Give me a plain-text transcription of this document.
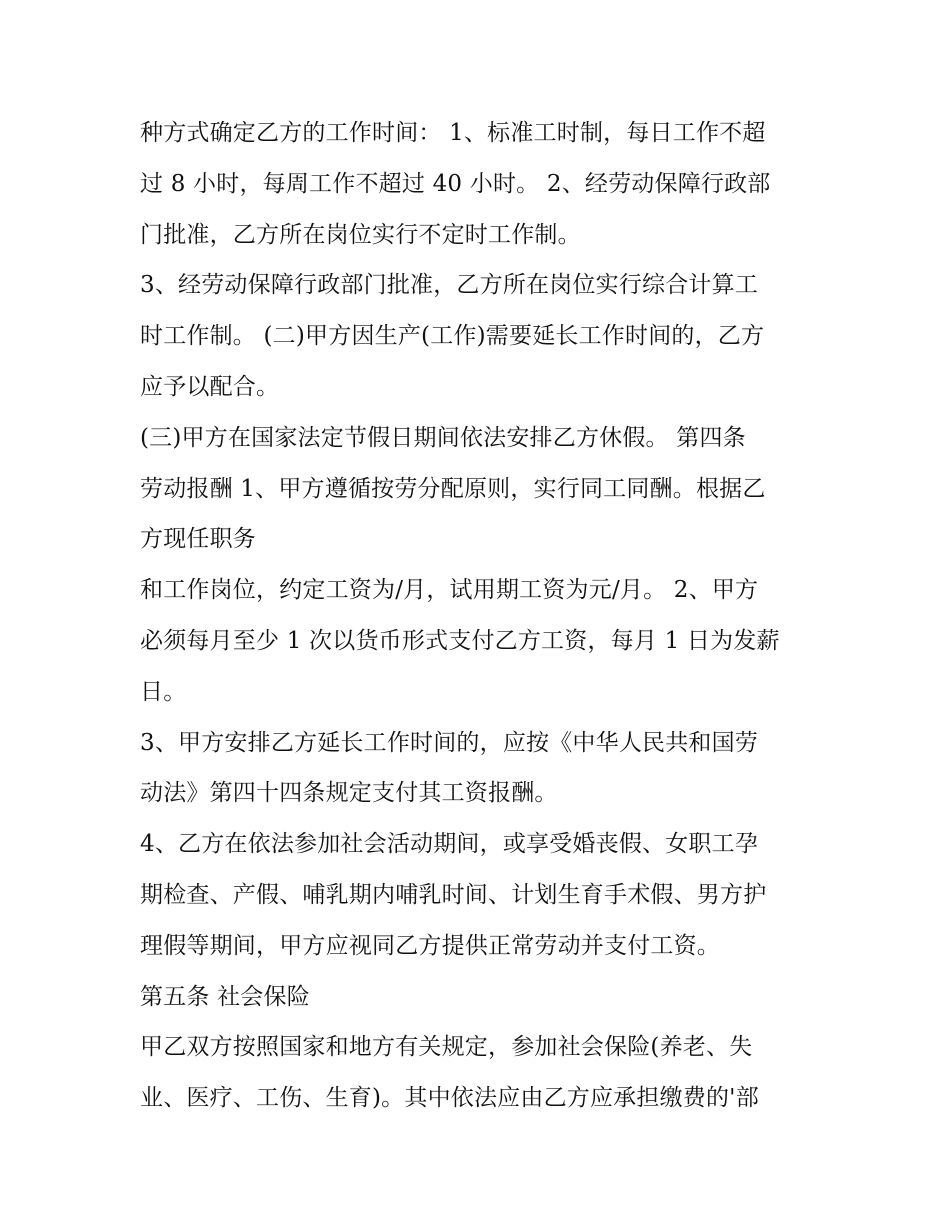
种方式确定乙方的工作时间： 1、标准工时制，每日工作不超
过 8 小时，每周工作不超过 40 小时。 2、经劳动保障行政部
门批准，乙方所在岗位实行不定时工作制。
3、经劳动保障行政部门批准，乙方所在岗位实行综合计算工
时工作制。 (二)甲方因生产(工作)需要延长工作时间的，乙方
应予以配合。
(三)甲方在国家法定节假日期间依法安排乙方休假。 第四条
劳动报酬 1、甲方遵循按劳分配原则，实行同工同酬。根据乙
方现任职务
和工作岗位，约定工资为/月，试用期工资为元/月。 2、甲方
必须每月至少 1 次以货币形式支付乙方工资，每月 1 日为发薪
日。
3、甲方安排乙方延长工作时间的，应按《中华人民共和国劳
动法》第四十四条规定支付其工资报酬。
4、乙方在依法参加社会活动期间，或享受婚丧假、女职工孕
期检查、产假、哺乳期内哺乳时间、计划生育手术假、男方护
理假等期间，甲方应视同乙方提供正常劳动并支付工资。
第五条 社会保险
甲乙双方按照国家和地方有关规定，参加社会保险(养老、失
业、医疗、工伤、生育)。其中依法应由乙方应承担缴费的'部
